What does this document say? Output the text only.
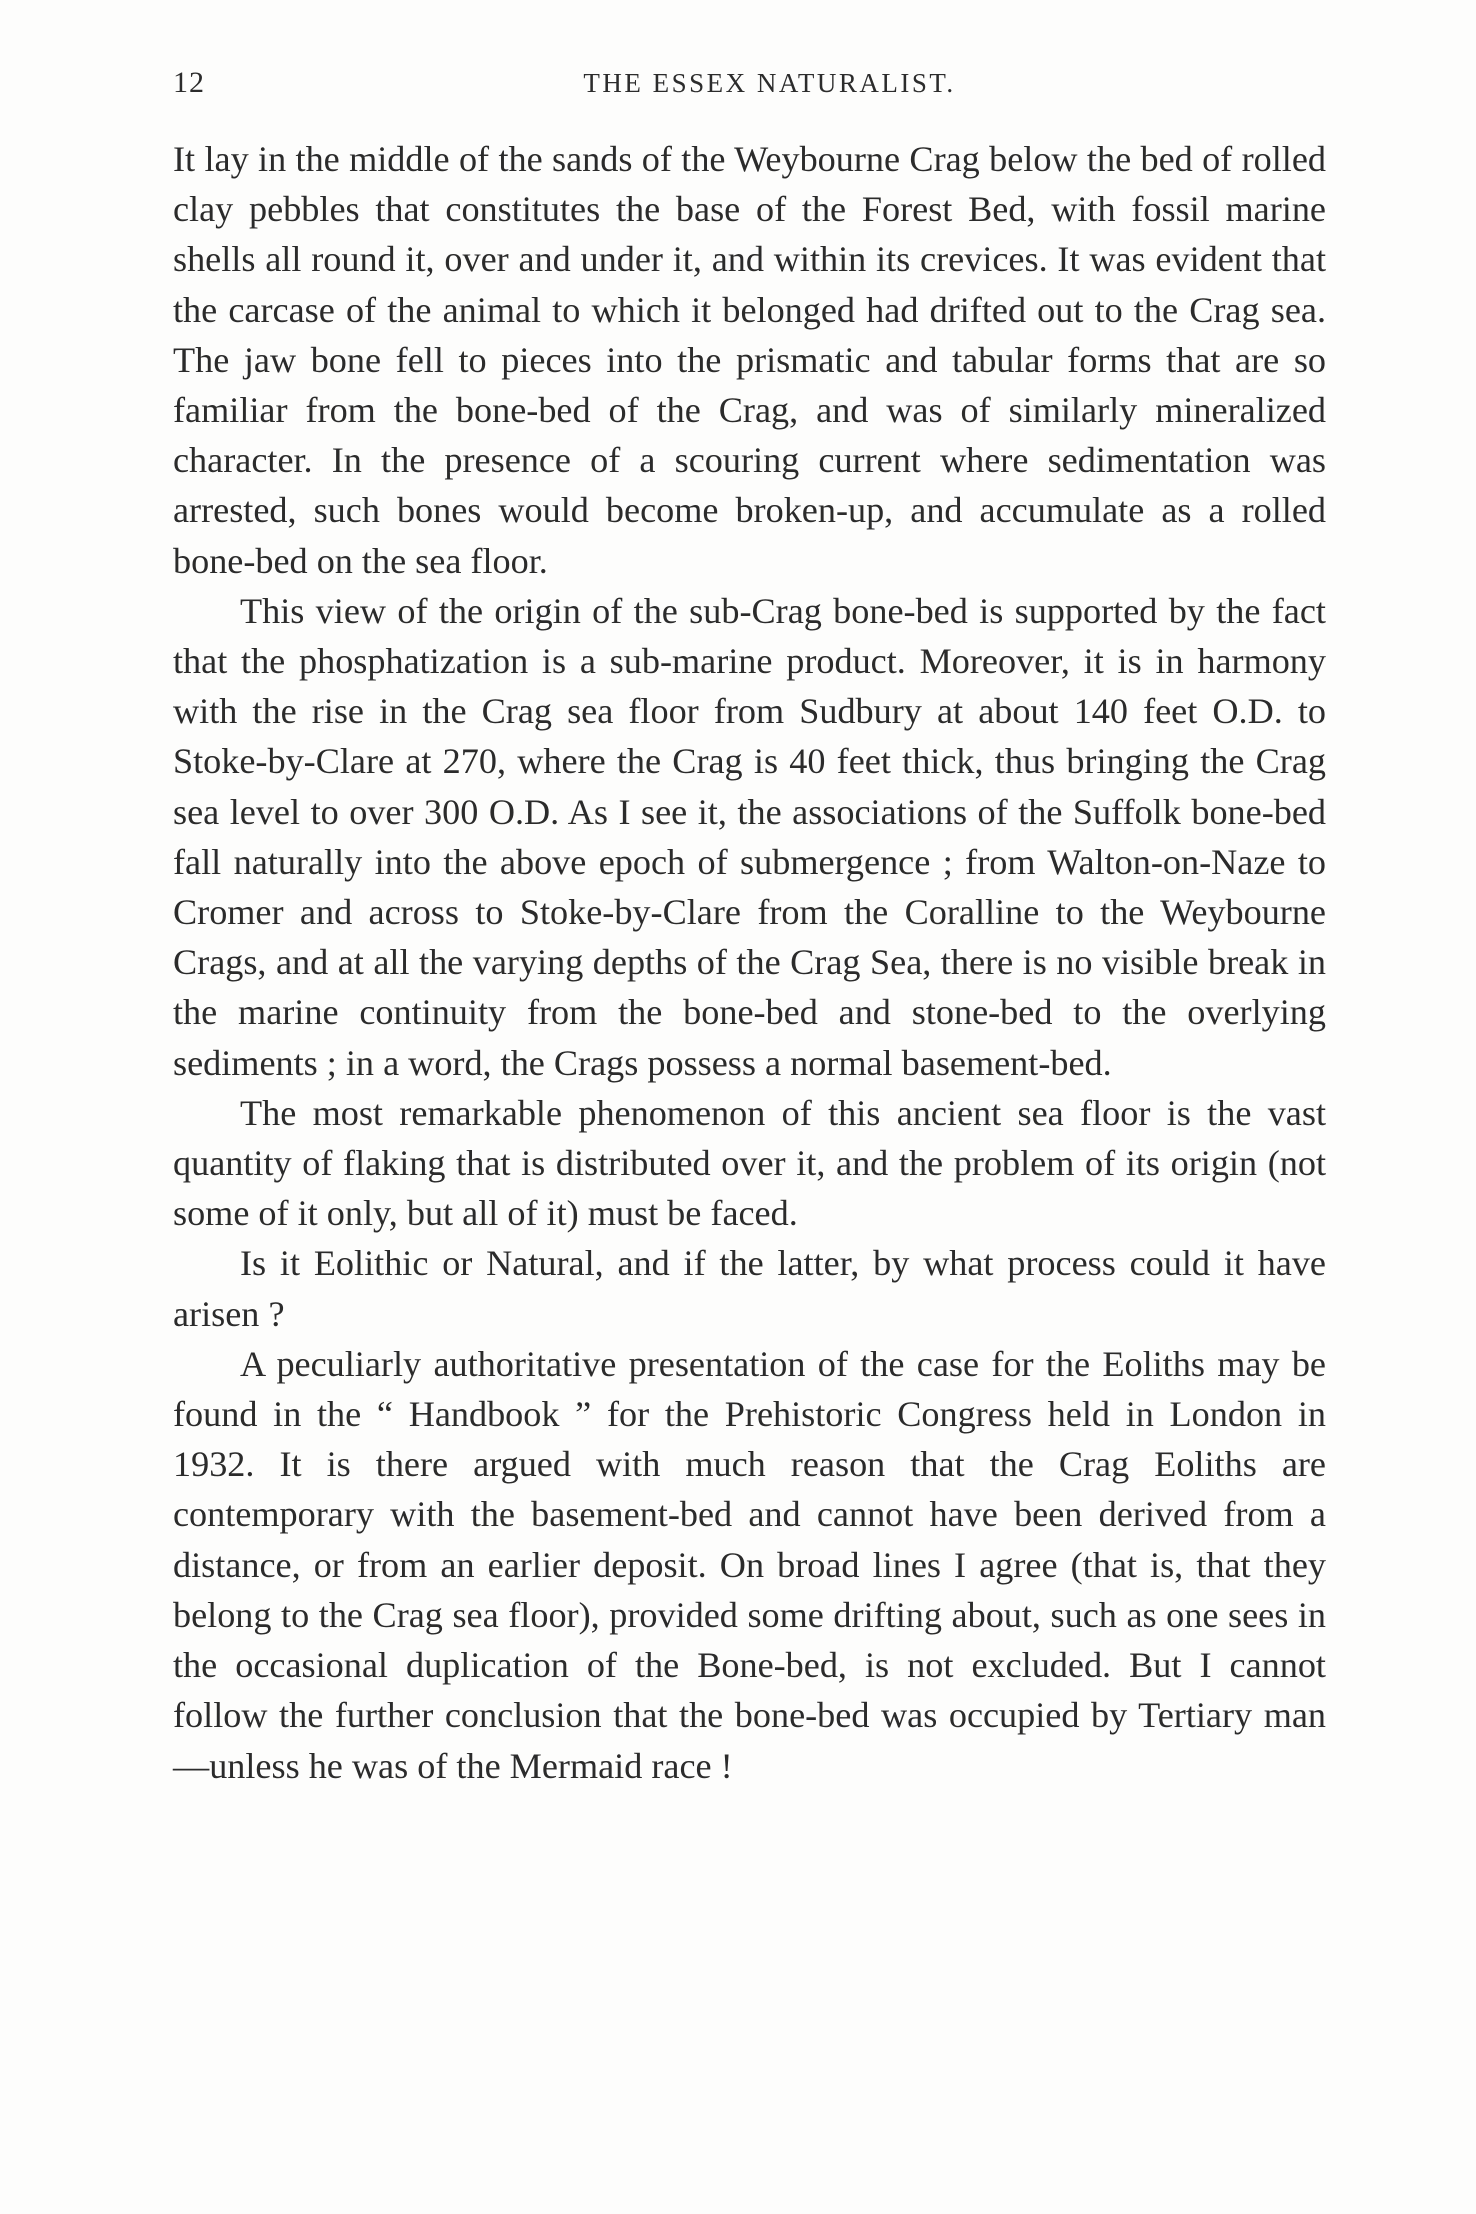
12	THE ESSEX NATURALIST.

It lay in the middle of the sands of the Weybourne Crag below the bed of rolled clay pebbles that constitutes the base of the Forest Bed, with fossil marine shells all round it, over and under it, and within its crevices. It was evident that the carcase of the animal to which it belonged had drifted out to the Crag sea. The jaw bone fell to pieces into the prismatic and tabular forms that are so familiar from the bone-bed of the Crag, and was of similarly mineralized character. In the presence of a scouring current where sedimentation was arrested, such bones would become broken-up, and accumulate as a rolled bone-bed on the sea floor.

This view of the origin of the sub-Crag bone-bed is supported by the fact that the phosphatization is a sub-marine product. Moreover, it is in harmony with the rise in the Crag sea floor from Sudbury at about 140 feet O.D. to Stoke-by-Clare at 270, where the Crag is 40 feet thick, thus bringing the Crag sea level to over 300 O.D. As I see it, the associations of the Suffolk bone-bed fall naturally into the above epoch of submergence ; from Walton-on-Naze to Cromer and across to Stoke-by-Clare from the Coralline to the Weybourne Crags, and at all the varying depths of the Crag Sea, there is no visible break in the marine continuity from the bone-bed and stone-bed to the overlying sediments ; in a word, the Crags possess a normal basement-bed.

The most remarkable phenomenon of this ancient sea floor is the vast quantity of flaking that is distributed over it, and the problem of its origin (not some of it only, but all of it) must be faced.

Is it Eolithic or Natural, and if the latter, by what process could it have arisen ?

A peculiarly authoritative presentation of the case for the Eoliths may be found in the “ Handbook ” for the Prehistoric Congress held in London in 1932. It is there argued with much reason that the Crag Eoliths are contemporary with the basement-bed and cannot have been derived from a distance, or from an earlier deposit. On broad lines I agree (that is, that they belong to the Crag sea floor), provided some drifting about, such as one sees in the occasional duplication of the Bone-bed, is not excluded. But I cannot follow the further conclusion that the bone-bed was occupied by Tertiary man—unless he was of the Mermaid race !
